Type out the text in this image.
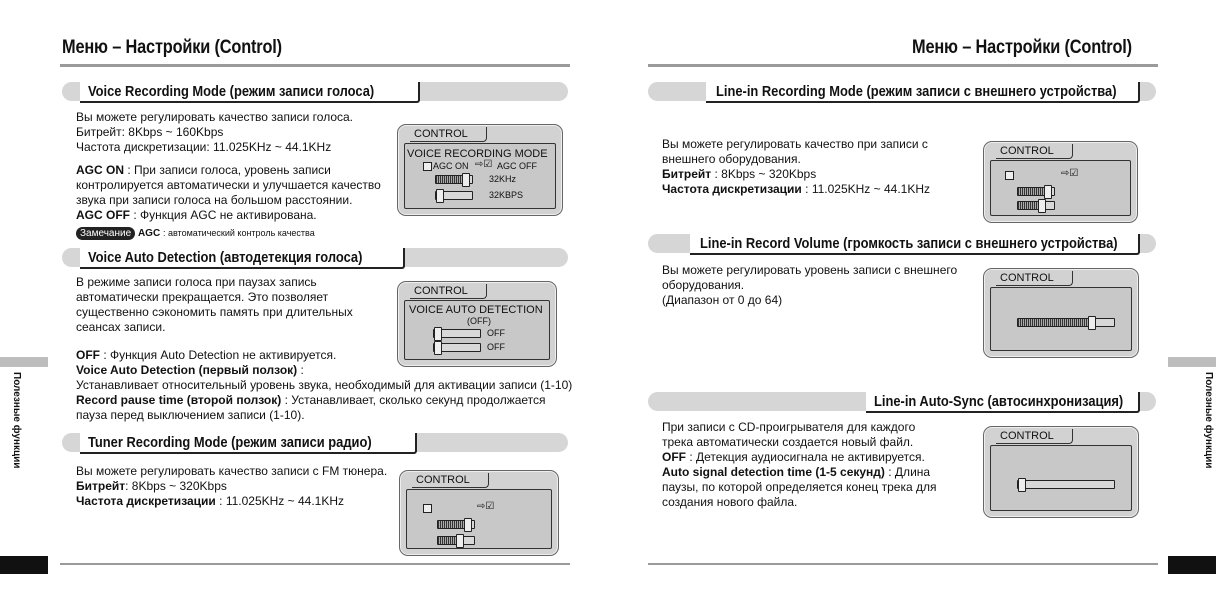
Меню – Настройки (Control)
Voice Recording Mode (режим записи голоса)
Вы можете регулировать качество записи голоса.
Битрейт: 8Kbps ~ 160Kbps
Частота дискретизации: 11.025KHz ~ 44.1KHz
AGC ON : При записи голоса, уровень записи
контролируется автоматически и улучшается качество
звука при записи голоса на большом расстоянии.
AGC OFF : Функция AGC не активирована.
Замечание AGC : автоматический контроль качества
CONTROL
VOICE RECORDING MODE
AGC ON ⇨☑ AGC OFF
32KHz
32KBPS
Voice Auto Detection (автодетекция голоса)
В режиме записи голоса при паузах запись
автоматически прекращается. Это позволяет
существенно сэкономить память при длительных
сеансах записи.
OFF : Функция Auto Detection не активируется.
Voice Auto Detection (первый ползок) :
Устанавливает относительный уровень звука, необходимый для активации записи (1-10)
Record pause time (второй ползок) : Устанавливает, сколько секунд продолжается
пауза перед выключением записи (1-10).
CONTROL
VOICE AUTO DETECTION
(OFF)
OFF
OFF
Tuner Recording Mode (режим записи радио)
Вы можете регулировать качество записи с FM тюнера.
Битрейт: 8Kbps ~ 320Kbps
Частота дискретизации : 11.025KHz ~ 44.1KHz
CONTROL
⇨☑
Полезные функции
Меню – Настройки (Control)
Line-in Recording Mode (режим записи с внешнего устройства)
Вы можете регулировать качество при записи с
внешнего оборудования.
Битрейт : 8Kbps ~ 320Kbps
Частота дискретизации : 11.025KHz ~ 44.1KHz
CONTROL
⇨☑
Line-in Record Volume (громкость записи с внешнего устройства)
Вы можете регулировать уровень записи с внешнего
оборудования.
(Диапазон от 0 до 64)
CONTROL
Line-in Auto-Sync (автосинхронизация)
При записи с CD-проигрывателя для каждого
трека автоматически создается новый файл.
OFF : Детекция аудиосигнала не активируется.
Auto signal detection time (1-5 секунд) : Длина
паузы, по которой определяется конец трека для
создания нового файла.
CONTROL	Полезные функции
